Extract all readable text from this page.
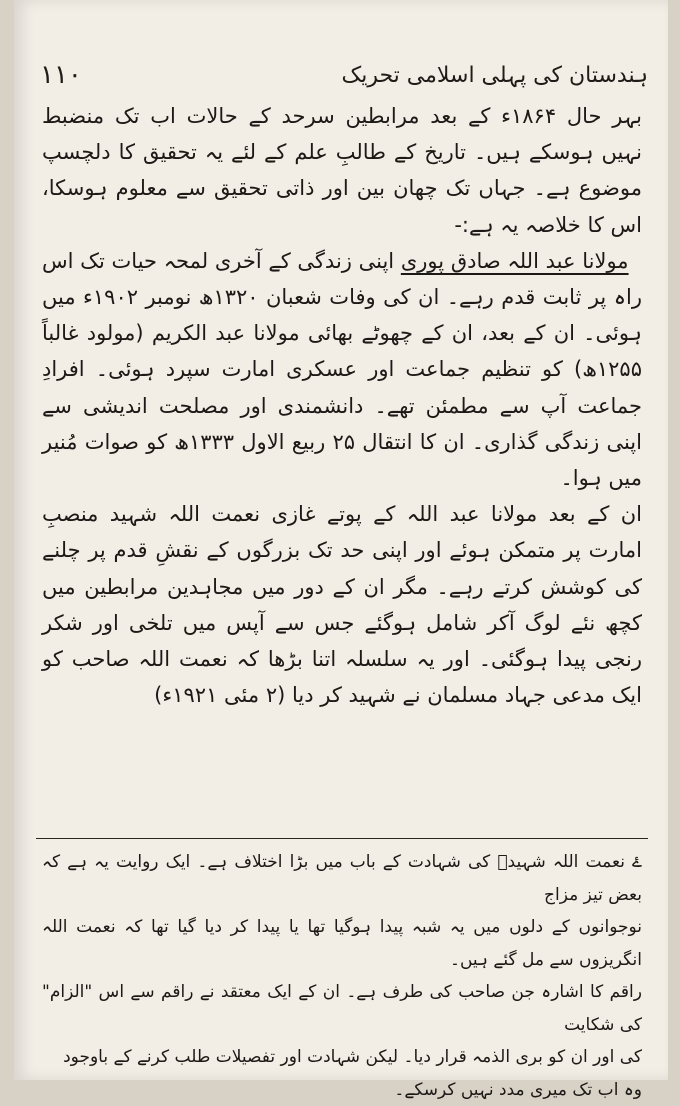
۱۱۰	ہندستان کی پہلی اسلامی تحریک

بہر حال ۱۸۶۴ء کے بعد مرابطین سرحد کے حالات اب تک منضبط نہیں ہوسکے ہیں۔ تاریخ کے طالبِ علم کے لئے یہ تحقیق کا دلچسپ موضوع ہے۔ جہاں تک چھان بین اور ذاتی تحقیق سے معلوم ہوسکا، اس کا خلاصہ یہ ہے:-

مولانا عبد اللہ صادق پوری اپنی زندگی کے آخری لمحہ حیات تک اس راہ پر ثابت قدم رہے۔ ان کی وفات شعبان ۱۳۲۰ھ نومبر ۱۹۰۲ء میں ہوئی۔ ان کے بعد، ان کے چھوٹے بھائی مولانا عبد الکریم (مولود غالباً ۱۲۵۵ھ) کو تنظیم جماعت اور عسکری امارت سپرد ہوئی۔ افرادِ جماعت آپ سے مطمئن تھے۔ دانشمندی اور مصلحت اندیشی سے اپنی زندگی گذاری۔ ان کا انتقال ۲۵ ربیع الاول ۱۳۳۳ھ کو صوات مُنیر میں ہوا۔

ان کے بعد مولانا عبد اللہ کے پوتے غازی نعمت اللہ شہید منصبِ امارت پر متمکن ہوئے اور اپنی حد تک بزرگوں کے نقشِ قدم پر چلنے کی کوشش کرتے رہے۔ مگر ان کے دور میں مجاہدین مرابطین میں کچھ نئے لوگ آکر شامل ہوگئے جس سے آپس میں تلخی اور شکر رنجی پیدا ہوگئی۔ اور یہ سلسلہ اتنا بڑھا کہ نعمت اللہ صاحب کو ایک مدعی جہاد مسلمان نے شہید کر دیا (۲ مئی ۱۹۲۱ء)

ۓ نعمت اللہ شہیدؒ کی شہادت کے باب میں بڑا اختلاف ہے۔ ایک روایت یہ ہے کہ بعض تیز مزاج

نوجوانوں کے دلوں میں یہ شبہ پیدا ہوگیا تھا یا پیدا کر دیا گیا تھا کہ نعمت اللہ انگریزوں سے مل گئے ہیں۔

راقم کا اشارہ جن صاحب کی طرف ہے۔ ان کے ایک معتقد نے راقم سے اس "الزام" کی شکایت

کی اور ان کو بری الذمہ قرار دیا۔ لیکن شہادت اور تفصیلات طلب کرنے کے باوجود

وہ اب تک میری مدد نہیں کرسکے۔
